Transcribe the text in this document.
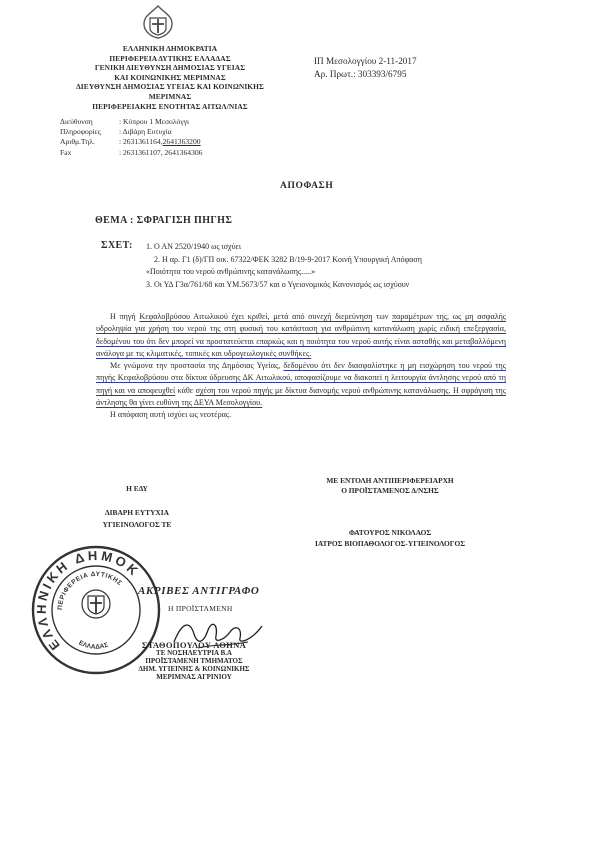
ΕΛΛΗΝΙΚΗ ΔΗΜΟΚΡΑΤΙΑ
ΠΕΡΙΦΕΡΕΙΑ ΔΥΤΙΚΗΣ ΕΛΛΑΔΑΣ
ΓΕΝΙΚΗ ΔΙΕΥΘΥΝΣΗ ΔΗΜΟΣΙΑΣ ΥΓΕΙΑΣ
ΚΑΙ ΚΟΙΝΩΝΙΚΗΣ ΜΕΡΙΜΝΑΣ
ΔΙΕΥΘΥΝΣΗ ΔΗΜΟΣΙΑΣ ΥΓΕΙΑΣ ΚΑΙ ΚΟΙΝΩΝΙΚΗΣ
ΜΕΡΙΜΝΑΣ
ΠΕΡΙΦΕΡΕΙΑΚΗΣ ΕΝΟΤΗΤΑΣ ΑΙΤΩΛ/ΝΙΑΣ
Διεύθυνση	: Κύπρου 1 Μεσολόγγι
Πληροφορίες	: Διβάρη Ευτυχία
Αριθμ.Τηλ.	: 2631361164, 2641363200
Fax	: 2631361107, 2641364306
ΙΠ Μεσολογγίου 2-11-2017
Αρ. Πρωτ.: 303393/6795
ΑΠΟΦΑΣΗ
ΘΕΜΑ : ΣΦΡΑΓΙΣΗ ΠΗΓΗΣ
ΣΧΕΤ: 1. Ο ΑΝ 2520/1940 ως ισχύει
2. Η αρ. Γ1 (δ)/ΓΠ οικ. 67322/ΦΕΚ 3282 Β/19-9-2017 Κοινή Υπουργική Απόφαση
«Ποιότητα του νερού ανθρώπινης κατανάλωσης.....»
3. Οι ΥΔ Γ3α/761/68 και ΥΜ.5673/57 και ο Υγειονομικός Κανονισμός ως ισχύουν

Η πηγή Κεφαλοβρύσου Αιτωλικού έχει κριθεί, μετά από συνεχή διερεύνηση των παραμέτρων της, ως μη ασφαλής υδροληψία για χρήση του νερού της στη φυσική του κατάσταση για ανθρώπινη κατανάλωση χωρίς ειδική επεξεργασία, δεδομένου του ότι δεν μπορεί να προστατεύεται επαρκώς και η ποιότητα του νερού αυτής είναι ασταθής και μεταβαλλόμενη ανάλογα με τις κλιματικές, τοπικές και υδρογεωλογικές συνθήκες.

Με γνώμονα την προστασία της Δημόσιας Υγείας, δεδομένου ότι δεν διασφαλίστηκε η μη εισχώρηση του νερού της πηγής Κεφαλοβρύσου στα δίκτυα ύδρευσης ΔΚ Αιτωλικού, αποφασίζουμε να διακοπεί η λειτουργία άντλησης νερού από τη πηγή και να αποφευχθεί κάθε σχέση του νερού πηγής με δίκτυα διανομής νερού ανθρώπινης κατανάλωσης. Η σφράγιση της άντλησης θα γίνει ευθύνη της ΔΕΥΑ Μεσολογγίου.

Η απόφαση αυτή ισχύει ως νεοτέρας.

Η ΕΔΥ
ΔΙΒΑΡΗ ΕΥΤΥΧΙΑ
ΥΓΙΕΙΝΟΛΟΓΟΣ ΤΕ
ΜΕ ΕΝΤΟΛΗ ΑΝΤΙΠΕΡΙΦΕΡΕΙΑΡΧΗ
Ο ΠΡΟΪΣΤΑΜΕΝΟΣ Δ/ΝΣΗΣ
ΦΑΤΟΥΡΟΣ ΝΙΚΟΛΑΟΣ
ΙΑΤΡΟΣ ΒΙΟΠΑΘΟΛΟΓΟΣ-ΥΓΙΕΙΝΟΛΟΓΟΣ
ΕΛΛΗΝΙΚΗ ΔΗΜΟΚΡΑΤΙΑ	ΠΕΡΙΦΕΡΕΙΑ ΔΥΤΙΚΗΣ
ΕΛΛΑΔΑΣ
ΑΚΡΙΒΕΣ ΑΝΤΙΓΡΑΦΟ
Η ΠΡΟΪΣΤΑΜΕΝΗ
ΣΤΑΘΟΠΟΥΛΟΥ ΑΘΗΝΑ
ΤΕ ΝΟΣΗΛΕΥΤΡΙΑ Β.Α
ΠΡΟΪΣΤΑΜΕΝΗ ΤΜΗΜΑΤΟΣ
ΔΗΜ. ΥΓΙΕΙΝΗΣ & ΚΟΙΝΩΝΙΚΗΣ
ΜΕΡΙΜΝΑΣ ΑΓΡΙΝΙΟΥ
